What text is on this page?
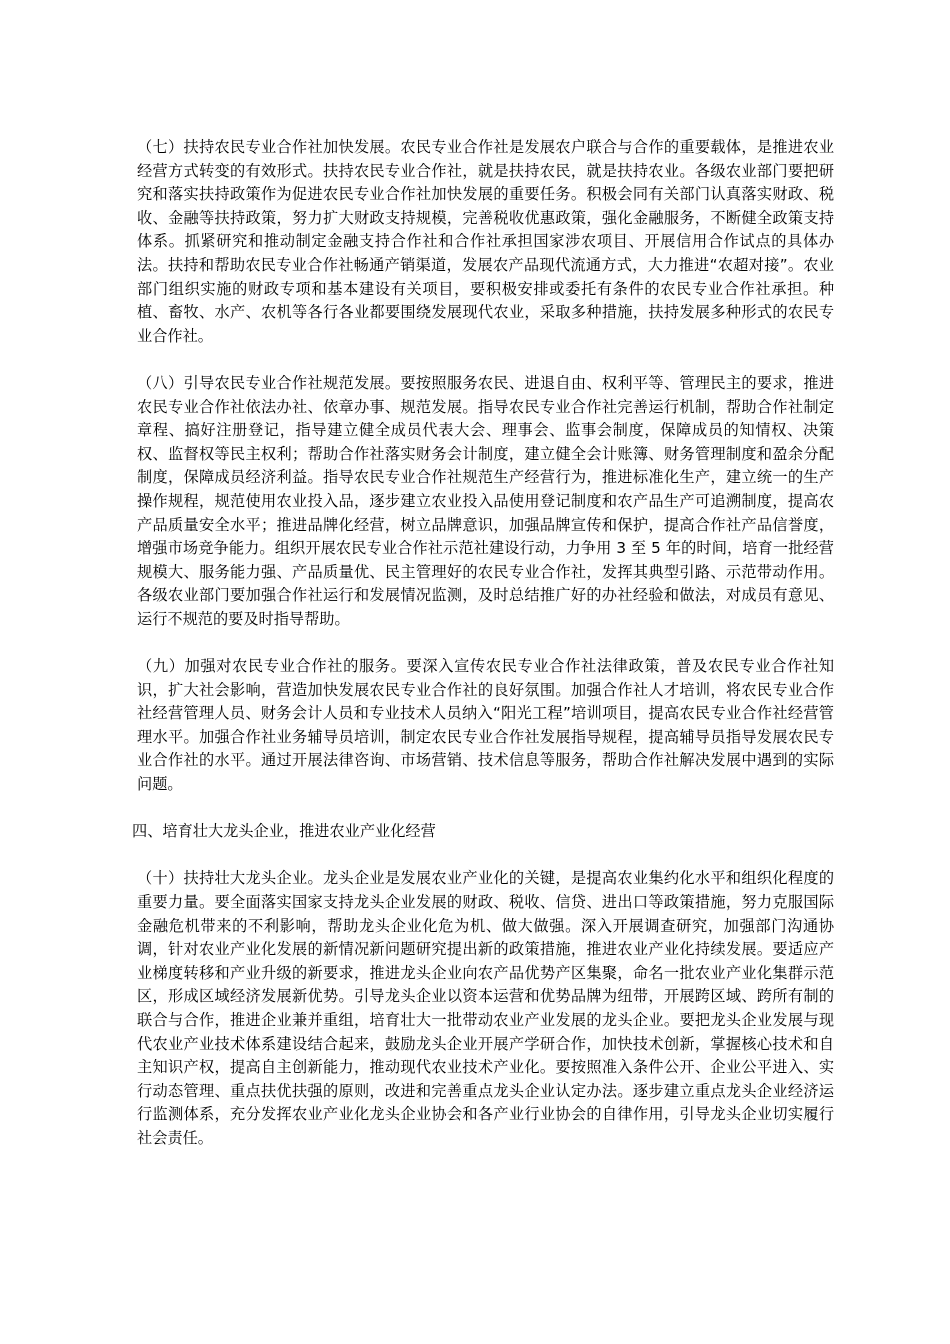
（七）扶持农民专业合作社加快发展。农民专业合作社是发展农户联合与合作的重要载体，是推进农业经营方式转变的有效形式。扶持农民专业合作社，就是扶持农民，就是扶持农业。各级农业部门要把研究和落实扶持政策作为促进农民专业合作社加快发展的重要任务。积极会同有关部门认真落实财政、税收、金融等扶持政策，努力扩大财政支持规模，完善税收优惠政策，强化金融服务，不断健全政策支持体系。抓紧研究和推动制定金融支持合作社和合作社承担国家涉农项目、开展信用合作试点的具体办法。扶持和帮助农民专业合作社畅通产销渠道，发展农产品现代流通方式，大力推进“农超对接”。农业部门组织实施的财政专项和基本建设有关项目，要积极安排或委托有条件的农民专业合作社承担。种植、畜牧、水产、农机等各行各业都要围绕发展现代农业，采取多种措施，扶持发展多种形式的农民专业合作社。

（八）引导农民专业合作社规范发展。要按照服务农民、进退自由、权利平等、管理民主的要求，推进农民专业合作社依法办社、依章办事、规范发展。指导农民专业合作社完善运行机制，帮助合作社制定章程、搞好注册登记，指导建立健全成员代表大会、理事会、监事会制度，保障成员的知情权、决策权、监督权等民主权利；帮助合作社落实财务会计制度，建立健全会计账簿、财务管理制度和盈余分配制度，保障成员经济利益。指导农民专业合作社规范生产经营行为，推进标准化生产，建立统一的生产操作规程，规范使用农业投入品，逐步建立农业投入品使用登记制度和农产品生产可追溯制度，提高农产品质量安全水平；推进品牌化经营，树立品牌意识，加强品牌宣传和保护，提高合作社产品信誉度，增强市场竞争能力。组织开展农民专业合作社示范社建设行动，力争用 3 至 5 年的时间，培育一批经营规模大、服务能力强、产品质量优、民主管理好的农民专业合作社，发挥其典型引路、示范带动作用。各级农业部门要加强合作社运行和发展情况监测，及时总结推广好的办社经验和做法，对成员有意见、运行不规范的要及时指导帮助。

（九）加强对农民专业合作社的服务。要深入宣传农民专业合作社法律政策，普及农民专业合作社知识，扩大社会影响，营造加快发展农民专业合作社的良好氛围。加强合作社人才培训，将农民专业合作社经营管理人员、财务会计人员和专业技术人员纳入“阳光工程”培训项目，提高农民专业合作社经营管理水平。加强合作社业务辅导员培训，制定农民专业合作社发展指导规程，提高辅导员指导发展农民专业合作社的水平。通过开展法律咨询、市场营销、技术信息等服务，帮助合作社解决发展中遇到的实际问题。

四、培育壮大龙头企业，推进农业产业化经营

（十）扶持壮大龙头企业。龙头企业是发展农业产业化的关键，是提高农业集约化水平和组织化程度的重要力量。要全面落实国家支持龙头企业发展的财政、税收、信贷、进出口等政策措施，努力克服国际金融危机带来的不利影响，帮助龙头企业化危为机、做大做强。深入开展调查研究，加强部门沟通协调，针对农业产业化发展的新情况新问题研究提出新的政策措施，推进农业产业化持续发展。要适应产业梯度转移和产业升级的新要求，推进龙头企业向农产品优势产区集聚，命名一批农业产业化集群示范区，形成区域经济发展新优势。引导龙头企业以资本运营和优势品牌为纽带，开展跨区域、跨所有制的联合与合作，推进企业兼并重组，培育壮大一批带动农业产业发展的龙头企业。要把龙头企业发展与现代农业产业技术体系建设结合起来，鼓励龙头企业开展产学研合作，加快技术创新，掌握核心技术和自主知识产权，提高自主创新能力，推动现代农业技术产业化。要按照准入条件公开、企业公平进入、实行动态管理、重点扶优扶强的原则，改进和完善重点龙头企业认定办法。逐步建立重点龙头企业经济运行监测体系，充分发挥农业产业化龙头企业协会和各产业行业协会的自律作用，引导龙头企业切实履行社会责任。
